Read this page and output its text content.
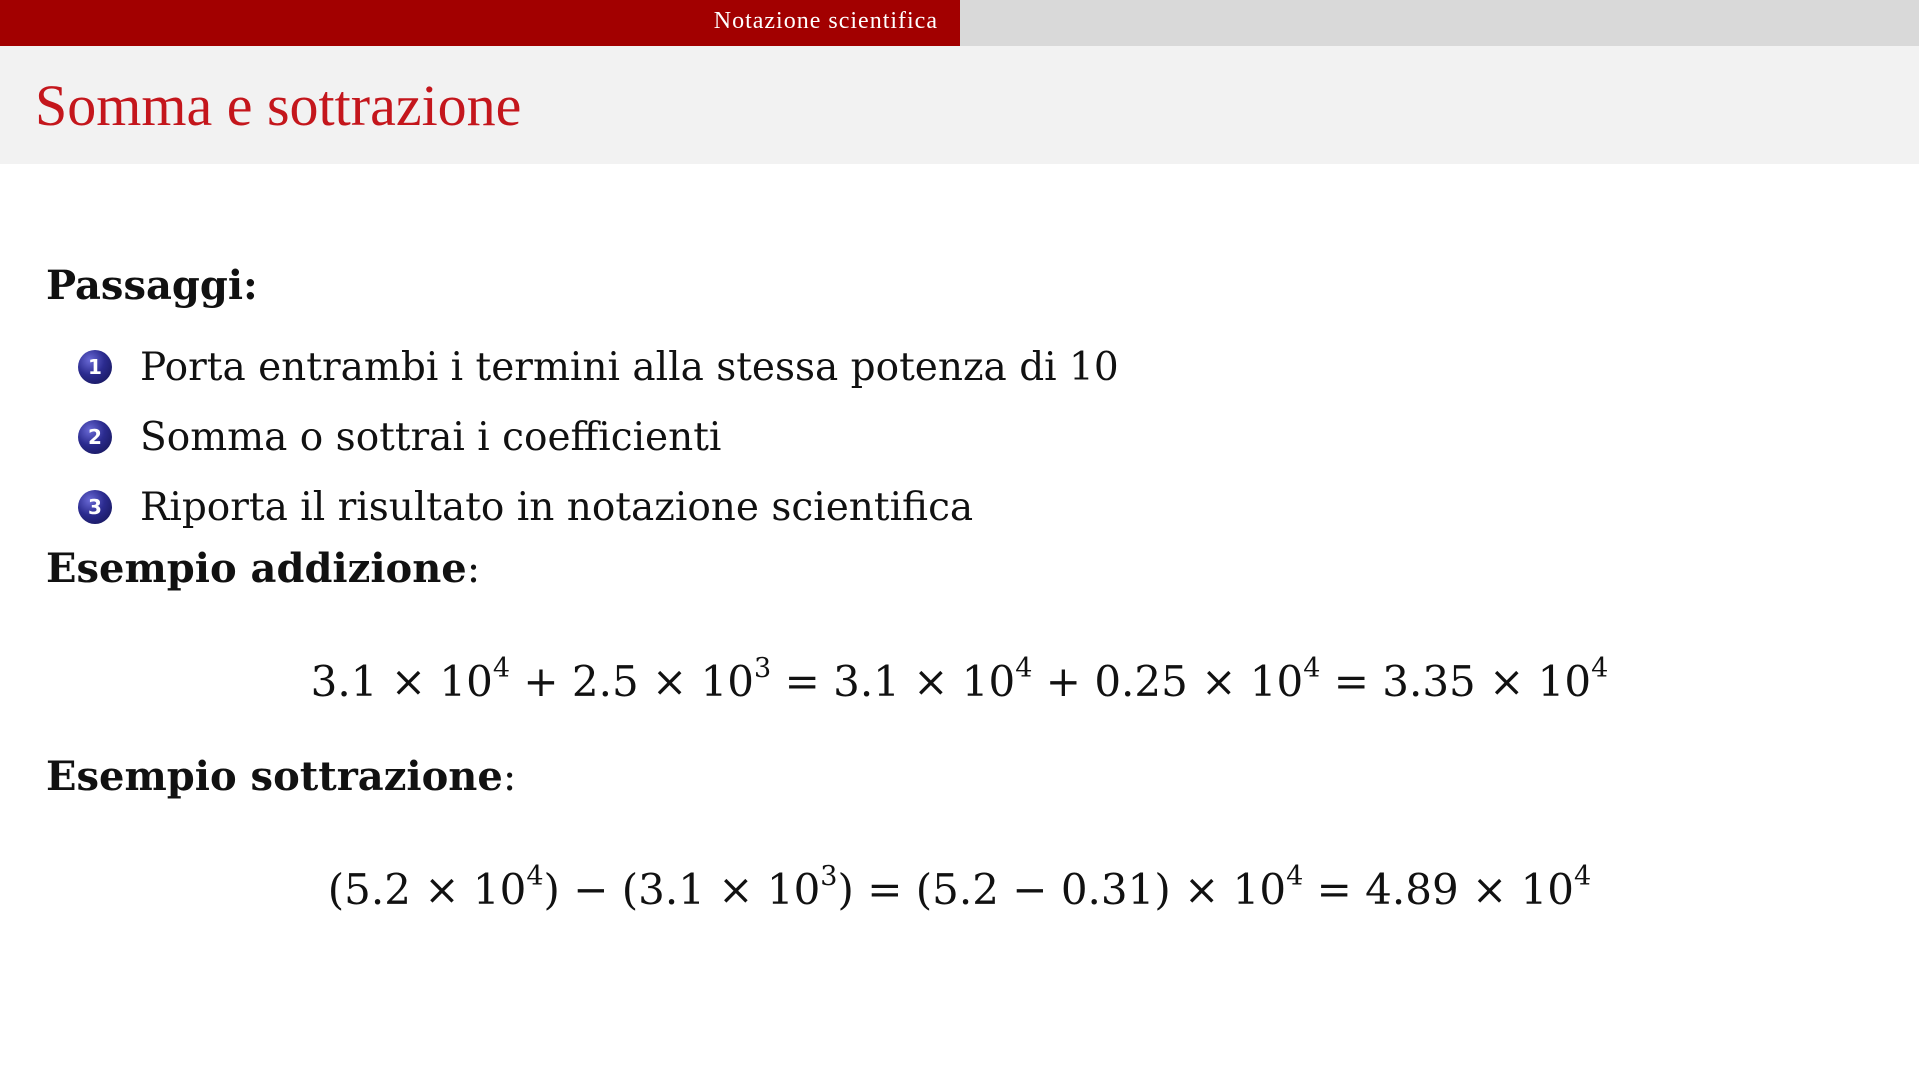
Notazione scientifica
Somma e sottrazione
Passaggi:
1 Porta entrambi i termini alla stessa potenza di 10
2 Somma o sottrai i coefficienti
3 Riporta il risultato in notazione scientifica
Esempio addizione:
$3.1 \times 10^4 + 2.5 \times 10^3 = 3.1 \times 10^4 + 0.25 \times 10^4 = 3.35 \times 10^4$
Esempio sottrazione:
$(5.2 \times 10^4) - (3.1 \times 10^3) = (5.2 - 0.31) \times 10^4 = 4.89 \times 10^4$
